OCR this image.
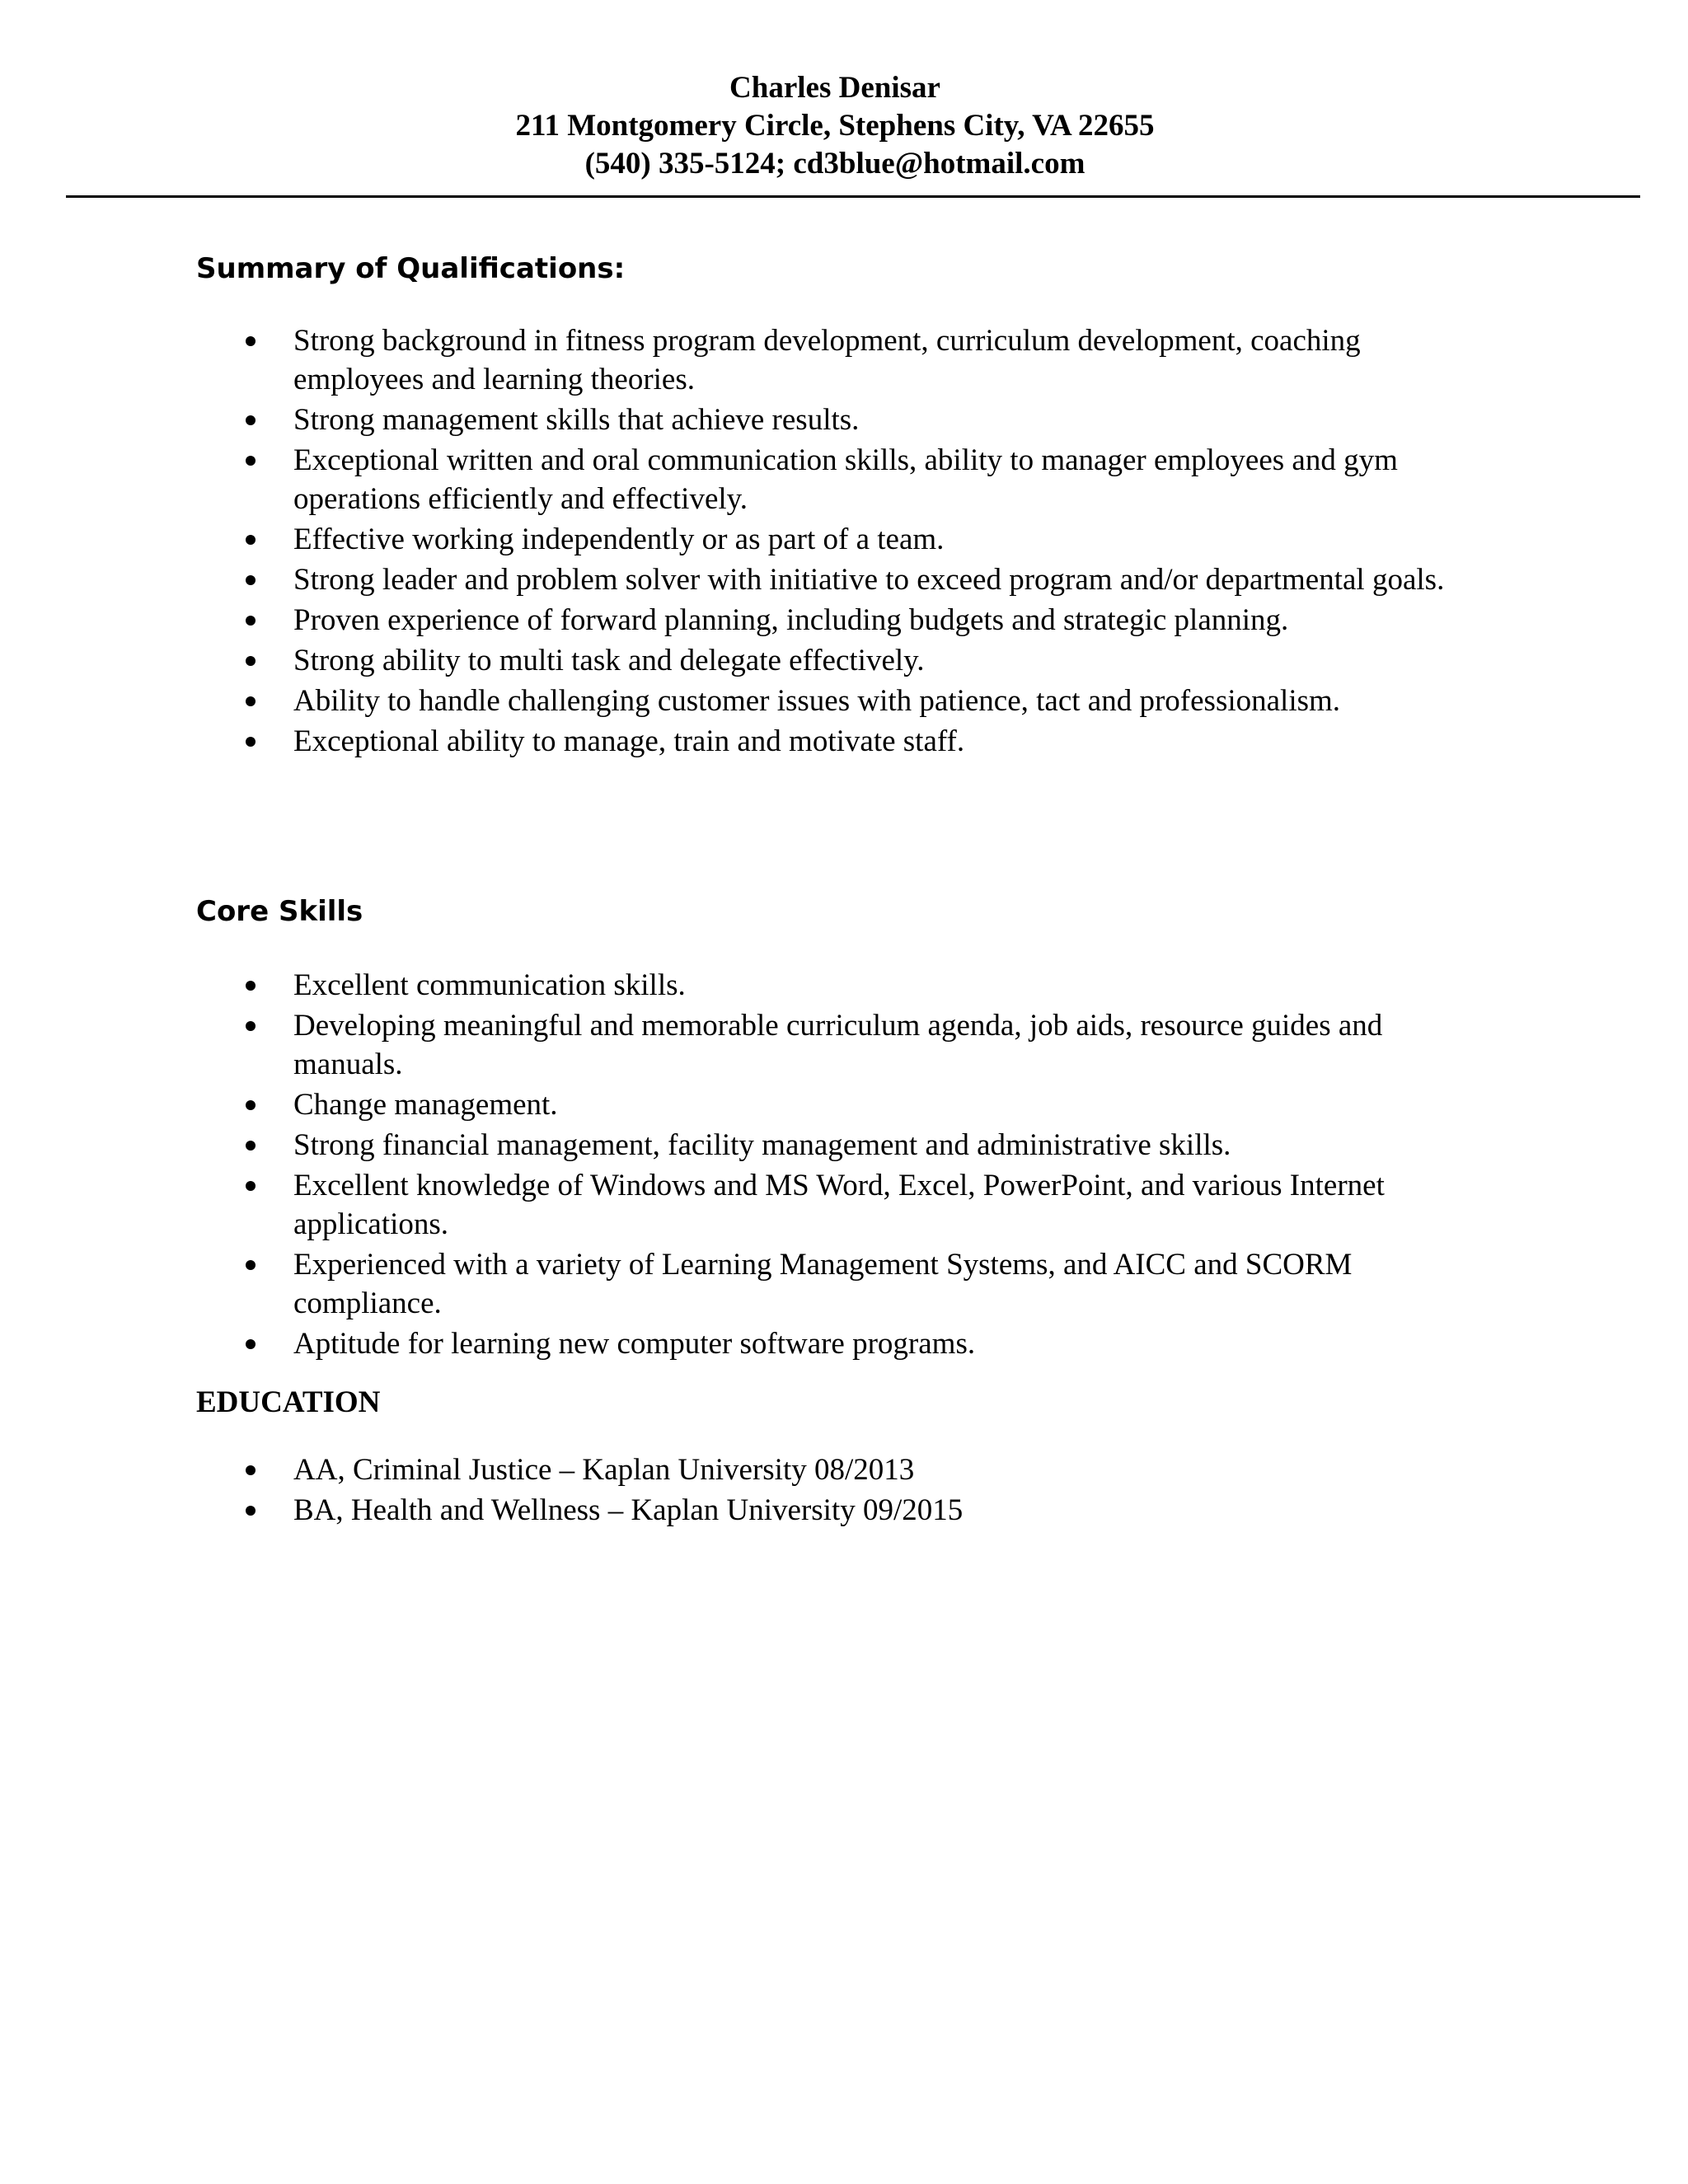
Charles Denisar
211 Montgomery Circle, Stephens City, VA 22655
(540) 335-5124; cd3blue@hotmail.com
Summary of Qualifications:
Strong background in fitness program development, curriculum development, coaching employees and learning theories.
Strong management skills that achieve results.
Exceptional written and oral communication skills, ability to manager employees and gym operations efficiently and effectively.
Effective working independently or as part of a team.
Strong leader and problem solver with initiative to exceed program and/or departmental goals.
Proven experience of forward planning, including budgets and strategic planning.
Strong ability to multi task and delegate effectively.
Ability to handle challenging customer issues with patience, tact and professionalism.
Exceptional ability to manage, train and motivate staff.
Core Skills
Excellent communication skills.
Developing meaningful and memorable curriculum agenda, job aids, resource guides and manuals.
Change management.
Strong financial management, facility management and administrative skills.
Excellent knowledge of Windows and MS Word, Excel, PowerPoint, and various Internet applications.
Experienced with a variety of Learning Management Systems, and AICC and SCORM compliance.
Aptitude for learning new computer software programs.
EDUCATION
AA, Criminal Justice – Kaplan University 08/2013
BA, Health and Wellness – Kaplan University 09/2015
